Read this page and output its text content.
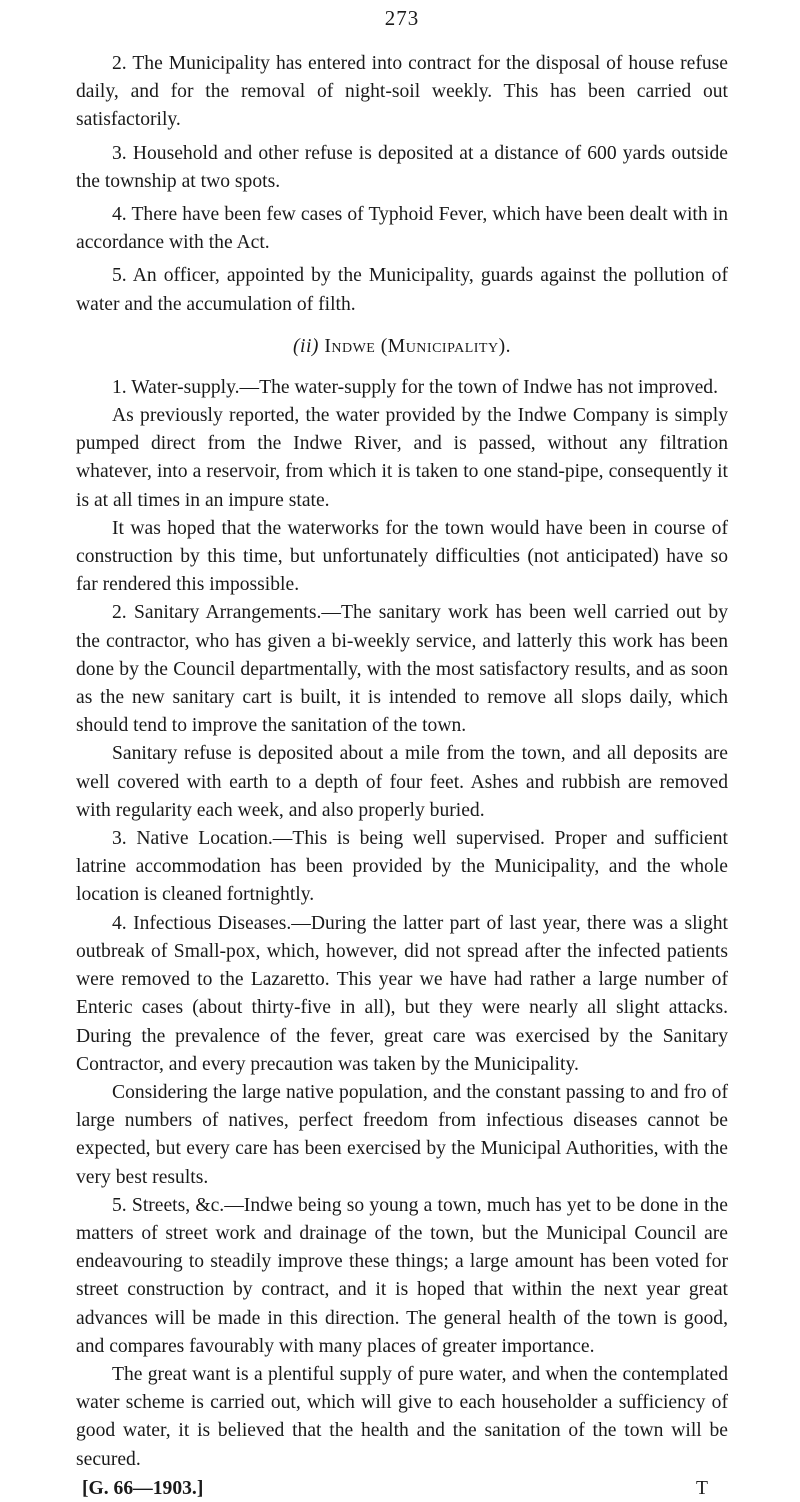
273

2. The Municipality has entered into contract for the disposal of house refuse daily, and for the removal of night-soil weekly. This has been carried out satisfactorily.

3. Household and other refuse is deposited at a distance of 600 yards outside the township at two spots.

4. There have been few cases of Typhoid Fever, which have been dealt with in accordance with the Act.

5. An officer, appointed by the Municipality, guards against the pollution of water and the accumulation of filth.

(ii) Indwe (Municipality).

1. Water-supply.—The water-supply for the town of Indwe has not improved.

As previously reported, the water provided by the Indwe Company is simply pumped direct from the Indwe River, and is passed, without any filtration whatever, into a reservoir, from which it is taken to one stand-pipe, consequently it is at all times in an impure state.

It was hoped that the waterworks for the town would have been in course of construction by this time, but unfortunately difficulties (not anticipated) have so far rendered this impossible.

2. Sanitary Arrangements.—The sanitary work has been well carried out by the contractor, who has given a bi-weekly service, and latterly this work has been done by the Council departmentally, with the most satisfactory results, and as soon as the new sanitary cart is built, it is intended to remove all slops daily, which should tend to improve the sanitation of the town.

Sanitary refuse is deposited about a mile from the town, and all deposits are well covered with earth to a depth of four feet. Ashes and rubbish are removed with regularity each week, and also properly buried.

3. Native Location.—This is being well supervised. Proper and sufficient latrine accommodation has been provided by the Municipality, and the whole location is cleaned fortnightly.

4. Infectious Diseases.—During the latter part of last year, there was a slight outbreak of Small-pox, which, however, did not spread after the infected patients were removed to the Lazaretto. This year we have had rather a large number of Enteric cases (about thirty-five in all), but they were nearly all slight attacks. During the prevalence of the fever, great care was exercised by the Sanitary Contractor, and every precaution was taken by the Municipality.

Considering the large native population, and the constant passing to and fro of large numbers of natives, perfect freedom from infectious diseases cannot be expected, but every care has been exercised by the Municipal Authorities, with the very best results.

5. Streets, &c.—Indwe being so young a town, much has yet to be done in the matters of street work and drainage of the town, but the Municipal Council are endeavouring to steadily improve these things; a large amount has been voted for street construction by contract, and it is hoped that within the next year great advances will be made in this direction. The general health of the town is good, and compares favourably with many places of greater importance.

The great want is a plentiful supply of pure water, and when the contemplated water scheme is carried out, which will give to each householder a sufficiency of good water, it is believed that the health and the sanitation of the town will be secured.

[G. 66—1903.]	T
